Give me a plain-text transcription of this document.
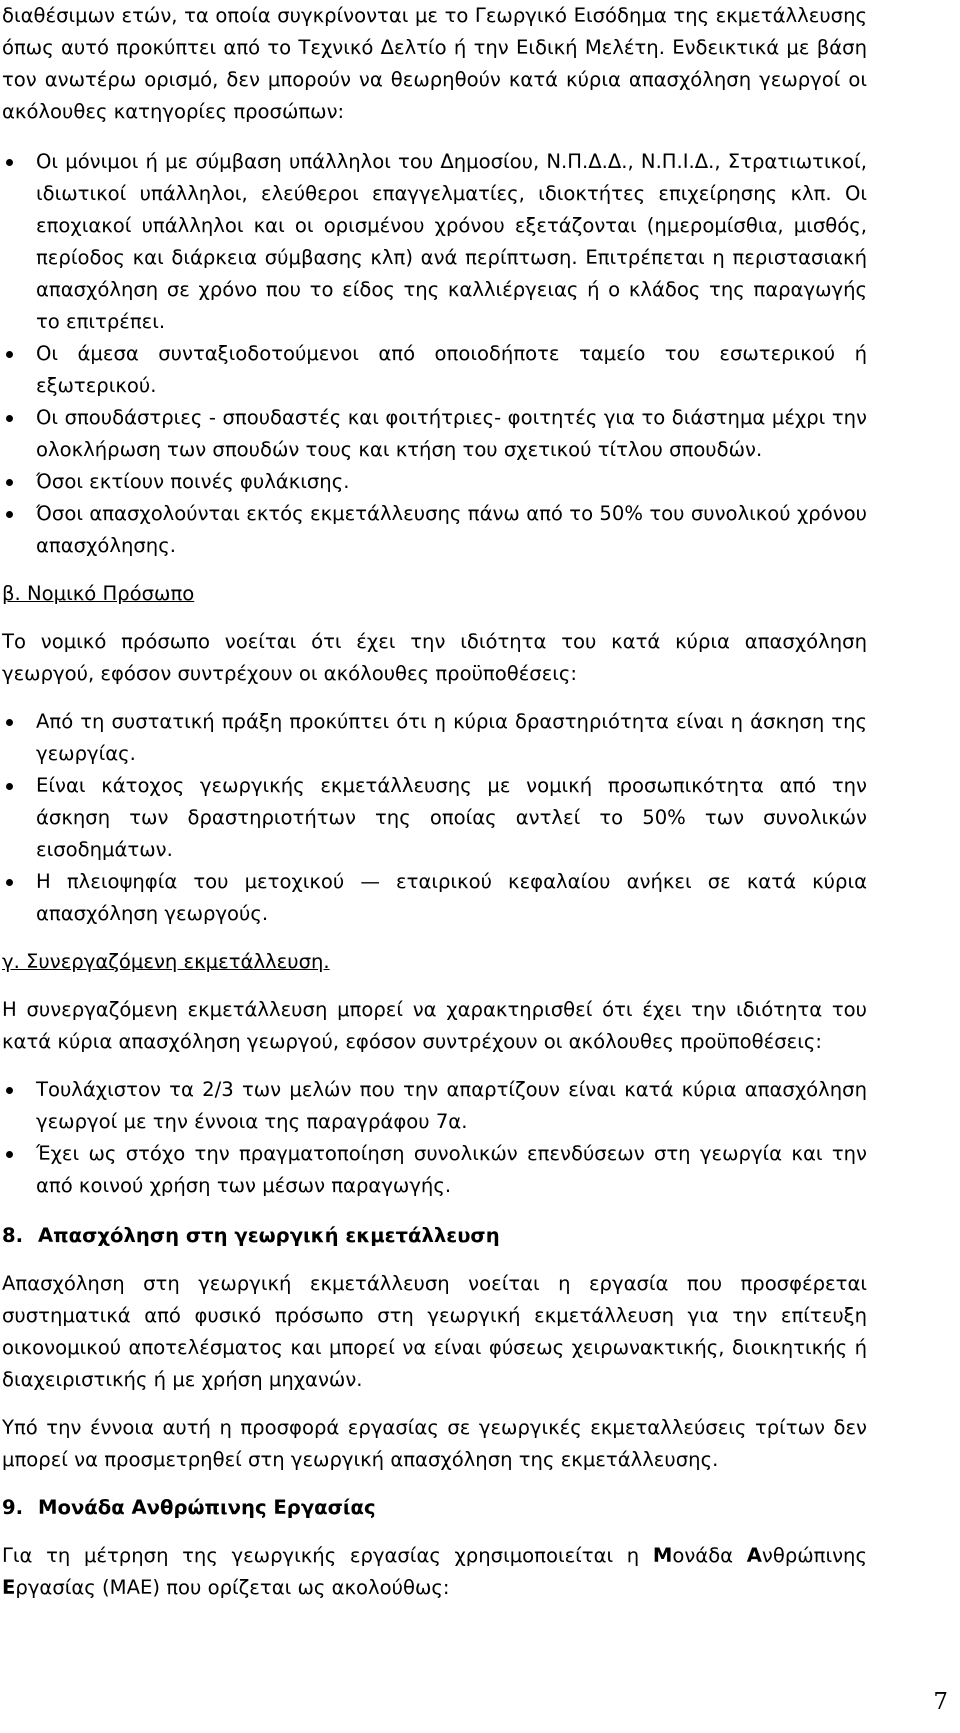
διαθέσιμων ετών, τα οποία συγκρίνονται με το Γεωργικό Εισόδημα της εκμετάλλευσης όπως αυτό προκύπτει από το Τεχνικό Δελτίο ή την Ειδική Μελέτη. Ενδεικτικά με βάση τον ανωτέρω ορισμό, δεν μπορούν να θεωρηθούν κατά κύρια απασχόληση γεωργοί οι ακόλουθες κατηγορίες προσώπων:

Οι μόνιμοι ή με σύμβαση υπάλληλοι του Δημοσίου, Ν.Π.Δ.Δ., Ν.Π.Ι.Δ., Στρατιωτικοί, ιδιωτικοί υπάλληλοι, ελεύθεροι επαγγελματίες, ιδιοκτήτες επιχείρησης κλπ. Οι εποχιακοί υπάλληλοι και οι ορισμένου χρόνου εξετάζονται (ημερομίσθια, μισθός, περίοδος και διάρκεια σύμβασης κλπ) ανά περίπτωση. Επιτρέπεται η περιστασιακή απασχόληση σε χρόνο που το είδος της καλλιέργειας ή ο κλάδος της παραγωγής το επιτρέπει.
Οι άμεσα συνταξιοδοτούμενοι από οποιοδήποτε ταμείο του εσωτερικού ή εξωτερικού.
Οι σπουδάστριες - σπουδαστές και φοιτήτριες- φοιτητές για το διάστημα μέχρι την ολοκλήρωση των σπουδών τους και κτήση του σχετικού τίτλου σπουδών.
Όσοι εκτίουν ποινές φυλάκισης.
Όσοι απασχολούνται εκτός εκμετάλλευσης πάνω από το 50% του συνολικού χρόνου απασχόλησης.

β. Νομικό Πρόσωπο

Το νομικό πρόσωπο νοείται ότι έχει την ιδιότητα του κατά κύρια απασχόληση γεωργού, εφόσον συντρέχουν οι ακόλουθες προϋποθέσεις:

Από τη συστατική πράξη προκύπτει ότι η κύρια δραστηριότητα είναι η άσκηση της γεωργίας.
Είναι κάτοχος γεωργικής εκμετάλλευσης με νομική προσωπικότητα από την άσκηση των δραστηριοτήτων της οποίας αντλεί το 50% των συνολικών εισοδημάτων.
Η πλειοψηφία του μετοχικού — εταιρικού κεφαλαίου ανήκει σε κατά κύρια απασχόληση γεωργούς.

γ. Συνεργαζόμενη εκμετάλλευση.

Η συνεργαζόμενη εκμετάλλευση μπορεί να χαρακτηρισθεί ότι έχει την ιδιότητα του κατά κύρια απασχόληση γεωργού, εφόσον συντρέχουν οι ακόλουθες προϋποθέσεις:

Τουλάχιστον τα 2/3 των μελών που την απαρτίζουν είναι κατά κύρια απασχόληση γεωργοί με την έννοια της παραγράφου 7α.
Έχει ως στόχο την πραγματοποίηση συνολικών επενδύσεων στη γεωργία και την από κοινού χρήση των μέσων παραγωγής.

8. Απασχόληση στη γεωργική εκμετάλλευση

Απασχόληση στη γεωργική εκμετάλλευση νοείται η εργασία που προσφέρεται συστηματικά από φυσικό πρόσωπο στη γεωργική εκμετάλλευση για την επίτευξη οικονομικού αποτελέσματος και μπορεί να είναι φύσεως χειρωνακτικής, διοικητικής ή διαχειριστικής ή με χρήση μηχανών.

Υπό την έννοια αυτή η προσφορά εργασίας σε γεωργικές εκμεταλλεύσεις τρίτων δεν μπορεί να προσμετρηθεί στη γεωργική απασχόληση της εκμετάλλευσης.

9. Μονάδα Ανθρώπινης Εργασίας

Για τη μέτρηση της γεωργικής εργασίας χρησιμοποιείται η Μονάδα Ανθρώπινης Εργασίας (ΜΑΕ) που ορίζεται ως ακολούθως:

7
